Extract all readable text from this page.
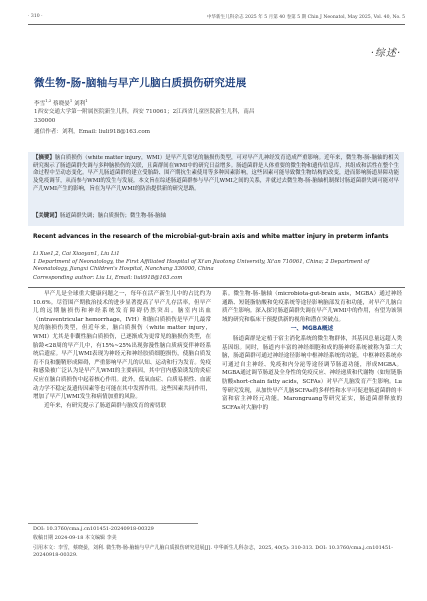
· 310 ·	中华新生儿科杂志 2025 年 5 月第 40 卷第 5 期 Chin J Neonatol, May 2025, Vol. 40, No. 5
·综述·
微生物-肠-脑轴与早产儿脑白质损伤研究进展
李雪$^{1,2}$ 蔡晓晏$^1$ 刘利$^1$
1西安交通大学第一附属医院新生儿科，西安 710061；2江西省儿童医院新生儿科，南昌
330000
通信作者：刘利，Email: liuli918@163.com
【摘要】脑白质损伤（white matter injury，WMI）是早产儿常见的脑损伤类型，可对早产儿神经发育造成严重影响。近年来，微生物-肠-脑轴的相关研究揭示了肠道菌群失调与多种脑损伤的关联，且菌群间在WMI中的研究日益增多。肠道菌群是人体重要的微生物和遗传信息库，其组成和活性在整个生命过程中呈动态变化。早产儿肠道菌群的建立受胎龄、围产期抗生素使用等多种因素影响，这些因素可能导致微生物结构的改变，进而影响肠道屏障功能及免疫调节，从而参与WMI的发生与发展。本文旨在综述肠道菌群参与早产儿WMI之间的关系，并就过去微生物-肠-脑轴机制探讨肠道菌群失调可能对早产儿WMI产生的影响，旨在为早产儿WMI的防治提供新的研究思路。
【关键词】肠道菌群失调；脑白质损伤；微生物-肠-脑轴
Recent advances in the research of the microbial-gut-brain axis and white matter injury in preterm infants
Li Xue1,2, Cai Xiaoyan1, Liu Li1
1 Department of Neonatology, the First Affiliated Hospital of Xi'an Jiaotong University, Xi'an 710061, China; 2 Department of Neonatology, Jiangxi Children's Hospital, Nanchang 330000, China
Corresponding author: Liu Li, Email: liuli918@163.com

早产儿是全球重大健康问题之一，每年在活产新生儿中的占比约为10.6%。尽管围产期救治技术的进步显著提高了早产儿存活率，但早产儿的远期脑损伤和神经系统发育障碍仍然突出。脑室内出血（intraventricular hemorrhage，IVH）和脑白质损伤是早产儿最常见的脑损伤类型，但近年来，脑白质损伤（white matter injury，WMI）尤其是非囊性脑白质损伤，已逐渐成为更常见的脑损伤类型，在胎龄<28周的早产儿中，有15%~25%出现弥漫性脑白质病变伴神经系统后遗症。早产儿WMI表现为神经元和神经胶质细胞损伤，使脑白质发育不良和髓鞘形成障碍，严重影响早产儿的认知、运动和行为发育。免疫和感染被广泛认为是早产儿WMI的主要病因，其中宫内感染诱发的炎症反应在脑白质损伤中起着核心作用。此外，低氧血症、白质易损性、血流动力学不稳定及遗传因素等也可能在其中发挥作用。这些因素共同作用，增加了早产儿WMI发生和病情加重的风险。

近年来，有研究提示了肠道菌群与脑发育的密切联

系。微生物-肠-脑轴（microbiota-gut-brain axis，MGBA）通过神经通路、短链脂肪酸和免疫系统等途径影响脑部发育和功能，对早产儿脑白质产生影响。深入探讨肠道菌群失调在早产儿WMI中的作用，有望为该领域的研究和临床干预提供新的视角和潜在突破点。

一、MGBA概述

肠道菌群是定植于宿主消化系统的微生物群体，其基因总量远超人类基因组。同时，肠道内丰富的神经细胞和成的肠神经系统被称为第二大脑，肠道菌群可通过神经途径影响中枢神经系统的功能，中枢神经系统亦可通过自主神经、免疫和内分泌等途径调节肠道功能，形成MGBA。MGBA通过调节肠道及全身性的免疫反应、神经递质和代谢物（如短链脂肪酸short-chain fatty acids，SCFAs）对早产儿脑发育产生影响。Lu等研究发现，从加快早产儿脑SCFAs的多样性和水平可促进肠道菌群的丰富和宿主神经元功能。Marongruang等研究证实，肠道菌群释放的SCFAs对大脑中的

DOI: 10.3760/cma.j.cn101451-20240918-00329
收稿日期 2024-09-18 本文编辑 李美
引用本文：李雪，蔡晓晏，刘利. 微生物-肠-脑轴与早产儿脑白质损伤研究进展[J]. 中华新生儿科杂志，2025, 40(5): 310-313. DOI: 10.3760/cma.j.cn101451-20240918-00329.
